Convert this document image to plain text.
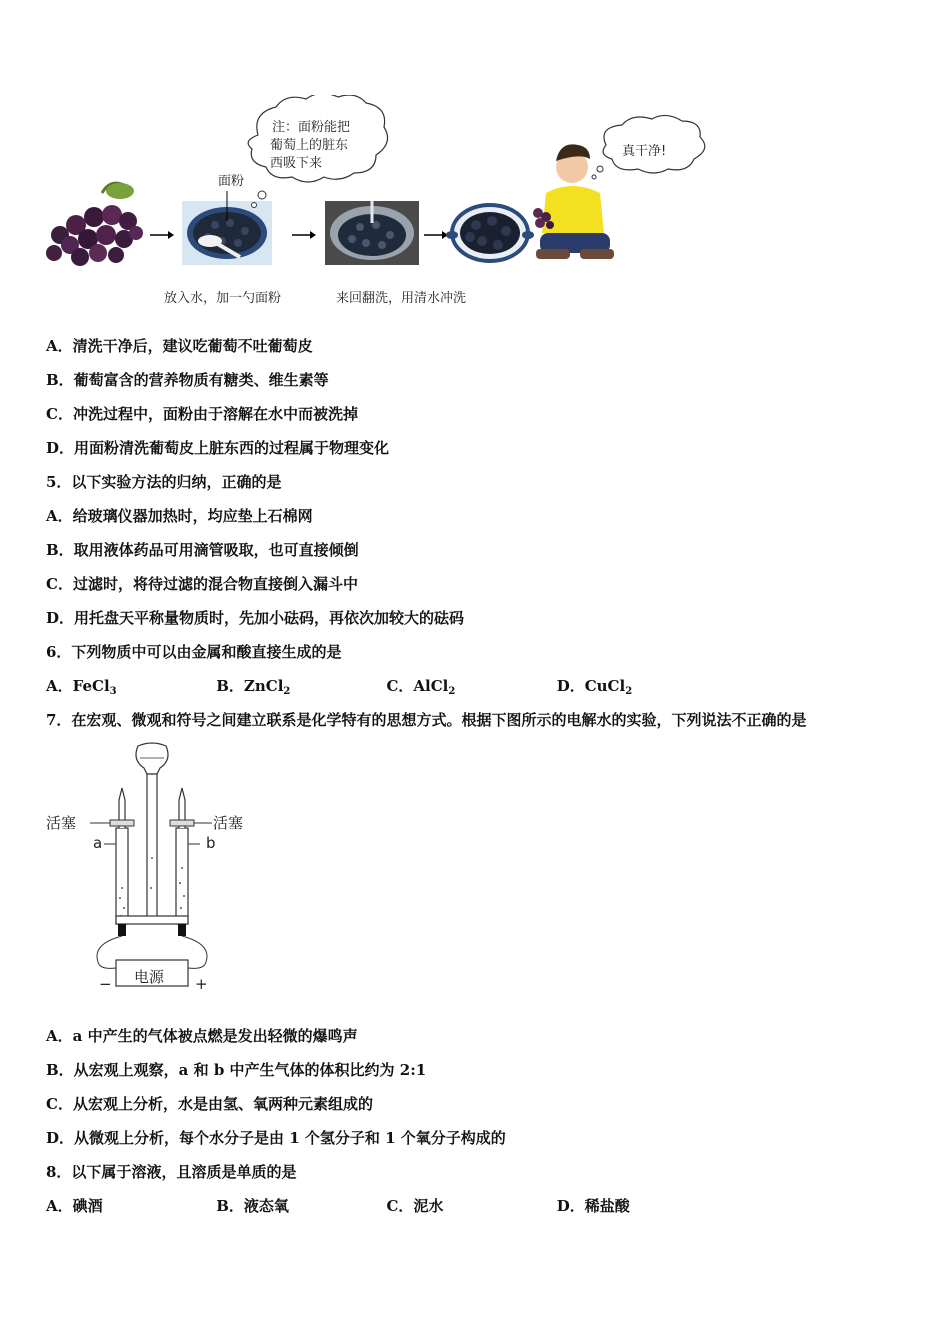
面粉
注：面粉能把
葡萄上的脏东
西吸下来
真干净!
放入水，加一勺面粉	来回翻洗，用清水冲洗
A．清洗干净后，建议吃葡萄不吐葡萄皮
B．葡萄富含的营养物质有糖类、维生素等
C．冲洗过程中，面粉由于溶解在水中而被洗掉
D．用面粉清洗葡萄皮上脏东西的过程属于物理变化
5．以下实验方法的归纳，正确的是
A．给玻璃仪器加热时，均应垫上石棉网
B．取用液体药品可用滴管吸取，也可直接倾倒
C．过滤时，将待过滤的混合物直接倒入漏斗中
D．用托盘天平称量物质时，先加小砝码，再依次加较大的砝码
6．下列物质中可以由金属和酸直接生成的是
A．FeCl$_3$	B．ZnCl$_2$	C．AlCl$_2$	D．CuCl$_2$
7．在宏观、微观和符号之间建立联系是化学特有的思想方式。根据下图所示的电解水的实验，下列说法不正确的是
活塞	活塞
a	b
电源
−	+
A．a 中产生的气体被点燃是发出轻微的爆鸣声
B．从宏观上观察，a 和 b 中产生气体的体积比约为 2:1
C．从宏观上分析，水是由氢、氧两种元素组成的
D．从微观上分析，每个水分子是由 1 个氢分子和 1 个氧分子构成的
8．以下属于溶液，且溶质是单质的是
A．碘酒	B．液态氧	C．泥水	D．稀盐酸
